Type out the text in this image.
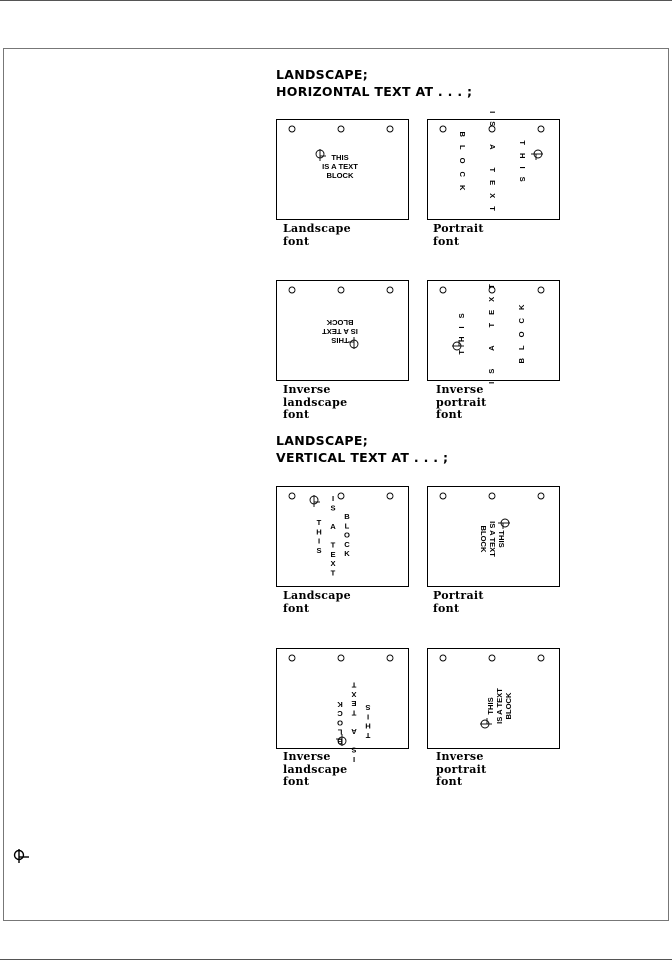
LANDSCAPE;
HORIZONTAL TEXT AT . . . ;
THIS
IS A TEXT
BLOCK
Landscape
font
THIS
IS A TEXT
BLOCK
Portrait
font
THIS
IS A TEXT
BLOCK
Inverse
landscape
font
THIS	IS A TEXT	BLOCK
Inverse
portrait
font
LANDSCAPE;
VERTICAL TEXT AT . . . ;
T H I S
I S A T E X T
B L O C K
Landscape
font
THIS
IS A TEXT
BLOCK
Portrait
font
THIS
IS A TEXT
BLOCK
Inverse
landscape
font
THIS IS A TEXT BLOCK
Inverse
portrait
font
